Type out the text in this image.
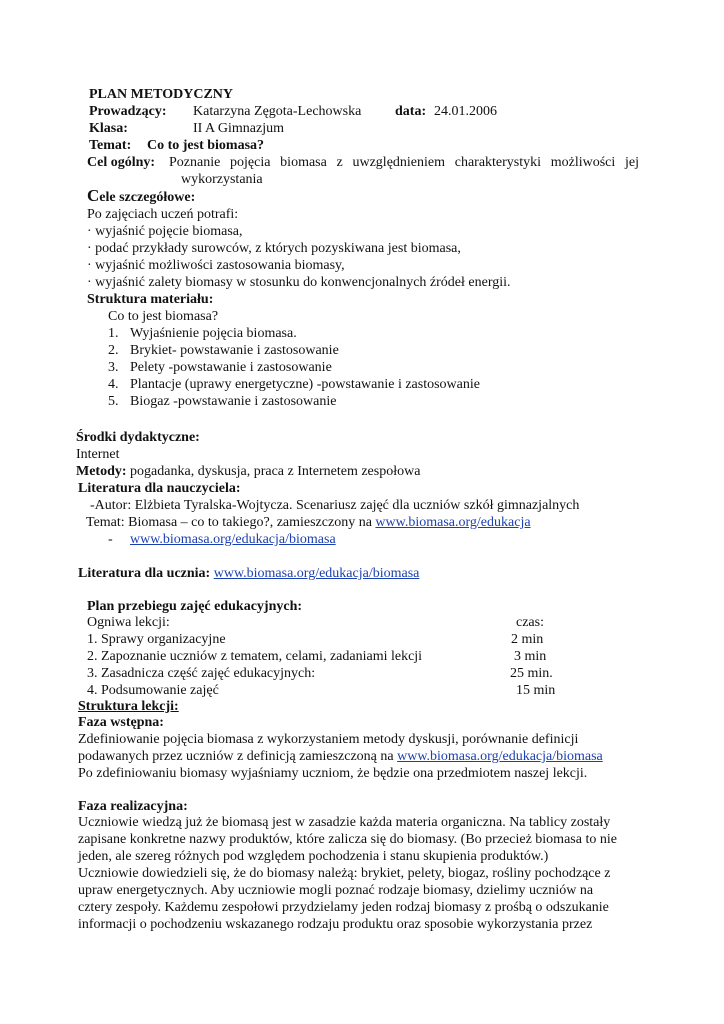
PLAN METODYCZNY
Prowadzący: Katarzyna Zęgota-Lechowska data: 24.01.2006
Klasa:	II A Gimnazjum
Temat: Co to jest biomasa?
Cel ogólny: Poznanie pojęcia biomasa z uwzględnieniem charakterystyki możliwości jej
wykorzystania
Cele szczegółowe:
Po zajęciach uczeń potrafi:
· wyjaśnić pojęcie biomasa,
· podać przykłady surowców, z których pozyskiwana jest biomasa,
· wyjaśnić możliwości zastosowania biomasy,
· wyjaśnić zalety biomasy w stosunku do konwencjonalnych źródeł energii.
Struktura materiału:
Co to jest biomasa?
1. Wyjaśnienie pojęcia biomasa.
2. Brykiet- powstawanie i zastosowanie
3. Pelety -powstawanie i zastosowanie
4. Plantacje (uprawy energetyczne) -powstawanie i zastosowanie
5. Biogaz -powstawanie i zastosowanie
Środki dydaktyczne:
Internet
Metody: pogadanka, dyskusja, praca z Internetem zespołowa
Literatura dla nauczyciela:
-Autor: Elżbieta Tyralska-Wojtycza. Scenariusz zajęć dla uczniów szkół gimnazjalnych
Temat: Biomasa – co to takiego?, zamieszczony na www.biomasa.org/edukacja
- www.biomasa.org/edukacja/biomasa
Literatura dla ucznia: www.biomasa.org/edukacja/biomasa
Plan przebiegu zajęć edukacyjnych:
Ogniwa lekcji:	czas:
1. Sprawy organizacyjne	2 min
2. Zapoznanie uczniów z tematem, celami, zadaniami lekcji	3 min
3. Zasadnicza część zajęć edukacyjnych:	25 min.
4. Podsumowanie zajęć	15 min
Struktura lekcji:
Faza wstępna:
Zdefiniowanie pojęcia biomasa z wykorzystaniem metody dyskusji, porównanie definicji
podawanych przez uczniów z definicją zamieszczoną na www.biomasa.org/edukacja/biomasa
Po zdefiniowaniu biomasy wyjaśniamy uczniom, że będzie ona przedmiotem naszej lekcji.
Faza realizacyjna:
Uczniowie wiedzą już że biomasą jest w zasadzie każda materia organiczna. Na tablicy zostały
zapisane konkretne nazwy produktów, które zalicza się do biomasy. (Bo przecież biomasa to nie
jeden, ale szereg różnych pod względem pochodzenia i stanu skupienia produktów.)
Uczniowie dowiedzieli się, że do biomasy należą: brykiet, pelety, biogaz, rośliny pochodzące z
upraw energetycznych. Aby uczniowie mogli poznać rodzaje biomasy, dzielimy uczniów na
cztery zespoły. Każdemu zespołowi przydzielamy jeden rodzaj biomasy z prośbą o odszukanie
informacji o pochodzeniu wskazanego rodzaju produktu oraz sposobie wykorzystania przez
